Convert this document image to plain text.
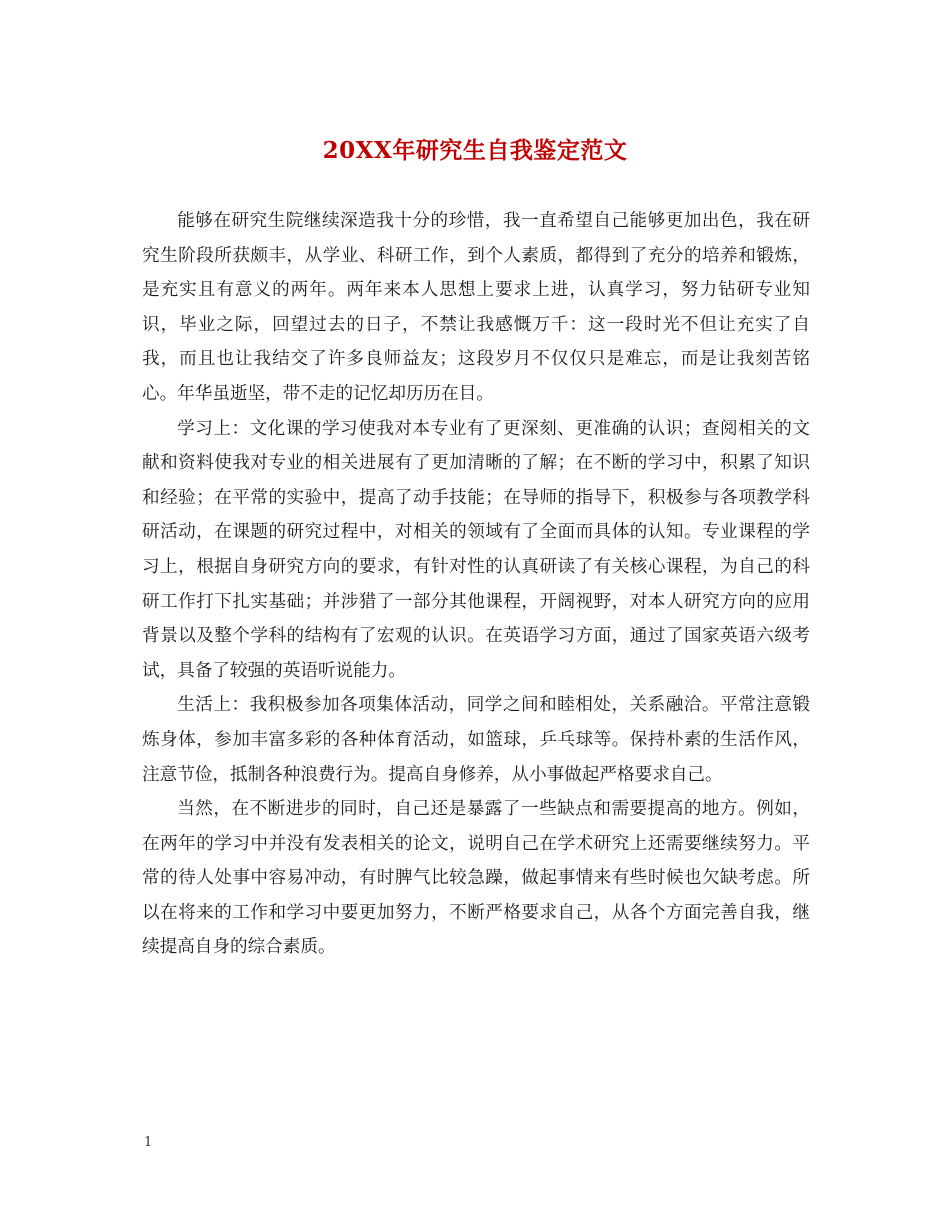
20XX年研究生自我鉴定范文

能够在研究生院继续深造我十分的珍惜，我一直希望自己能够更加出色，我在研究生阶段所获颇丰，从学业、科研工作，到个人素质，都得到了充分的培养和锻炼，是充实且有意义的两年。两年来本人思想上要求上进，认真学习，努力钻研专业知识，毕业之际，回望过去的日子，不禁让我感慨万千：这一段时光不但让充实了自我，而且也让我结交了许多良师益友；这段岁月不仅仅只是难忘，而是让我刻苦铭心。年华虽逝坚，带不走的记忆却历历在目。

学习上：文化课的学习使我对本专业有了更深刻、更准确的认识；查阅相关的文献和资料使我对专业的相关进展有了更加清晰的了解；在不断的学习中，积累了知识和经验；在平常的实验中，提高了动手技能；在导师的指导下，积极参与各项教学科研活动，在课题的研究过程中，对相关的领域有了全面而具体的认知。专业课程的学习上，根据自身研究方向的要求，有针对性的认真研读了有关核心课程，为自己的科研工作打下扎实基础；并涉猎了一部分其他课程，开阔视野，对本人研究方向的应用背景以及整个学科的结构有了宏观的认识。在英语学习方面，通过了国家英语六级考试，具备了较强的英语听说能力。

生活上：我积极参加各项集体活动，同学之间和睦相处，关系融洽。平常注意锻炼身体，参加丰富多彩的各种体育活动，如篮球，乒乓球等。保持朴素的生活作风，注意节俭，抵制各种浪费行为。提高自身修养，从小事做起严格要求自己。

当然，在不断进步的同时，自己还是暴露了一些缺点和需要提高的地方。例如，在两年的学习中并没有发表相关的论文，说明自己在学术研究上还需要继续努力。平常的待人处事中容易冲动，有时脾气比较急躁，做起事情来有些时候也欠缺考虑。所以在将来的工作和学习中要更加努力，不断严格要求自己，从各个方面完善自我，继续提高自身的综合素质。

1
